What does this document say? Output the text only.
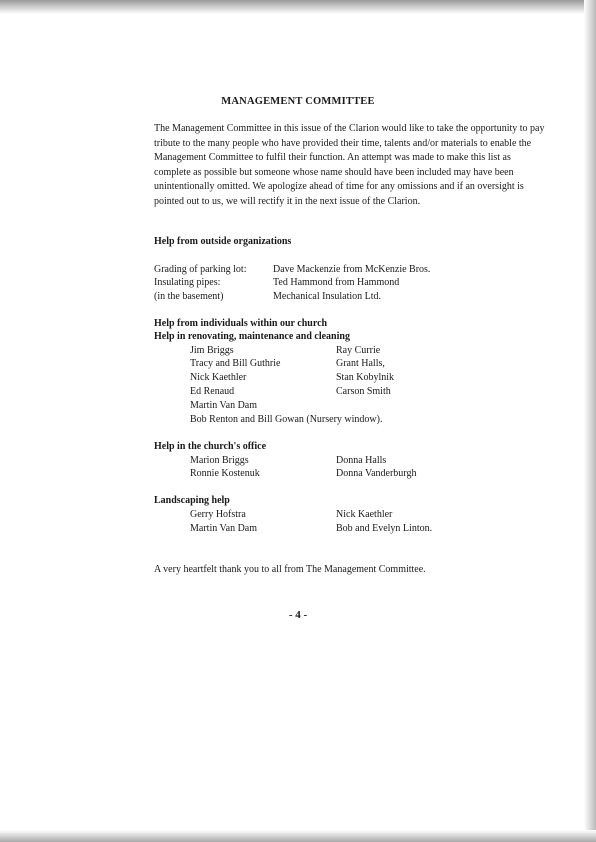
MANAGEMENT COMMITTEE

The Management Committee in this issue of the Clarion would like to take the opportunity to pay tribute to the many people who have provided their time, talents and/or materials to enable the Management Committee to fulfil their function. An attempt was made to make this list as complete as possible but someone whose name should have been included may have been unintentionally omitted. We apologize ahead of time for any omissions and if an oversight is pointed out to us, we will rectify it in the next issue of the Clarion.

Help from outside organizations

Grading of parking lot:	Dave Mackenzie from McKenzie Bros.
Insulating pipes:	Ted Hammond from Hammond
(in the basement)	Mechanical Insulation Ltd.

Help from individuals within our church

Help in renovating, maintenance and cleaning

Jim Briggs	Ray Currie
Tracy and Bill Guthrie	Grant Halls,
Nick Kaethler	Stan Kobylnik
Ed Renaud	Carson Smith
Martin Van Dam
Bob Renton and Bill Gowan (Nursery window).

Help in the church's office

Marion Briggs	Donna Halls
Ronnie Kostenuk	Donna Vanderburgh

Landscaping help

Gerry Hofstra	Nick Kaethler
Martin Van Dam	Bob and Evelyn Linton.

A very heartfelt thank you to all from The Management Committee.

- 4 -
